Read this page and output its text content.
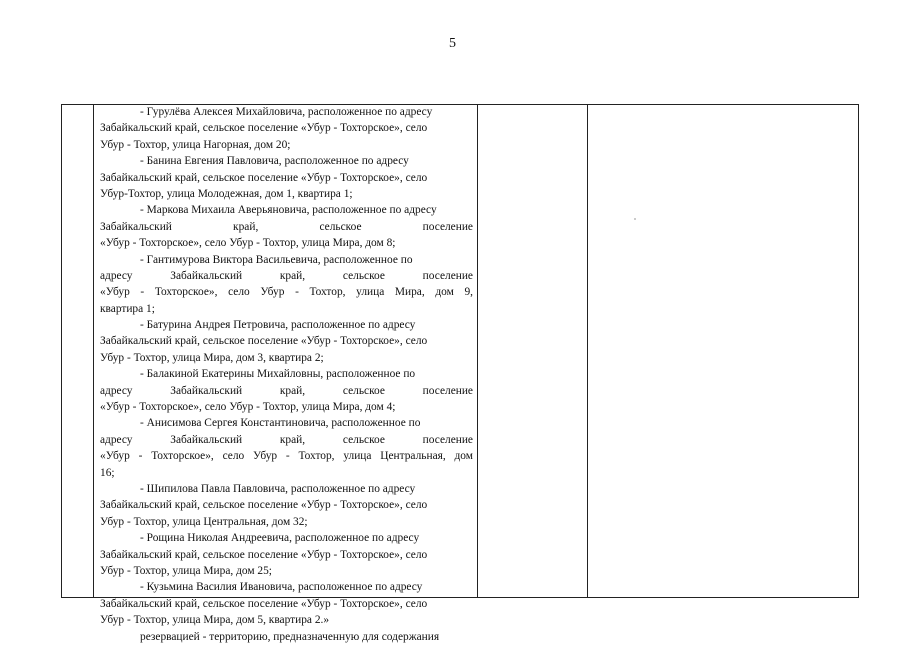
5
- Гурулёва Алексея Михайловича, расположенное по адресу
Забайкальский край, сельское поселение «Убур - Тохторское», село
Убур - Тохтор, улица Нагорная, дом 20;
- Банина Евгения Павловича, расположенное по адресу
Забайкальский край, сельское поселение «Убур - Тохторское», село
Убур-Тохтор, улица Молодежная, дом 1, квартира 1;
- Маркова Михаила Аверьяновича, расположенное по адресу
Забайкальский край, сельское поселение
«Убур - Тохторское», село Убур - Тохтор, улица Мира, дом 8;
- Гантимурова Виктора Васильевича, расположенное по
адресу Забайкальский край, сельское поселение
«Убур - Тохторское», село Убур - Тохтор, улица Мира, дом 9,
квартира 1;
- Батурина Андрея Петровича, расположенное по адресу
Забайкальский край, сельское поселение «Убур - Тохторское», село
Убур - Тохтор, улица Мира, дом 3, квартира 2;
- Балакиной Екатерины Михайловны, расположенное по
адресу Забайкальский край, сельское поселение
«Убур - Тохторское», село Убур - Тохтор, улица Мира, дом 4;
- Анисимова Сергея Константиновича, расположенное по
адресу Забайкальский край, сельское поселение
«Убур - Тохторское», село Убур - Тохтор, улица Центральная, дом
16;
- Шипилова Павла Павловича, расположенное по адресу
Забайкальский край, сельское поселение «Убур - Тохторское», село
Убур - Тохтор, улица Центральная, дом 32;
- Рощина Николая Андреевича, расположенное по адресу
Забайкальский край, сельское поселение «Убур - Тохторское», село
Убур - Тохтор, улица Мира, дом 25;
- Кузьмина Василия Ивановича, расположенное по адресу
Забайкальский край, сельское поселение «Убур - Тохторское», село
Убур - Тохтор, улица Мира, дом 5, квартира 2.»
резервацией - территорию, предназначенную для содержания
